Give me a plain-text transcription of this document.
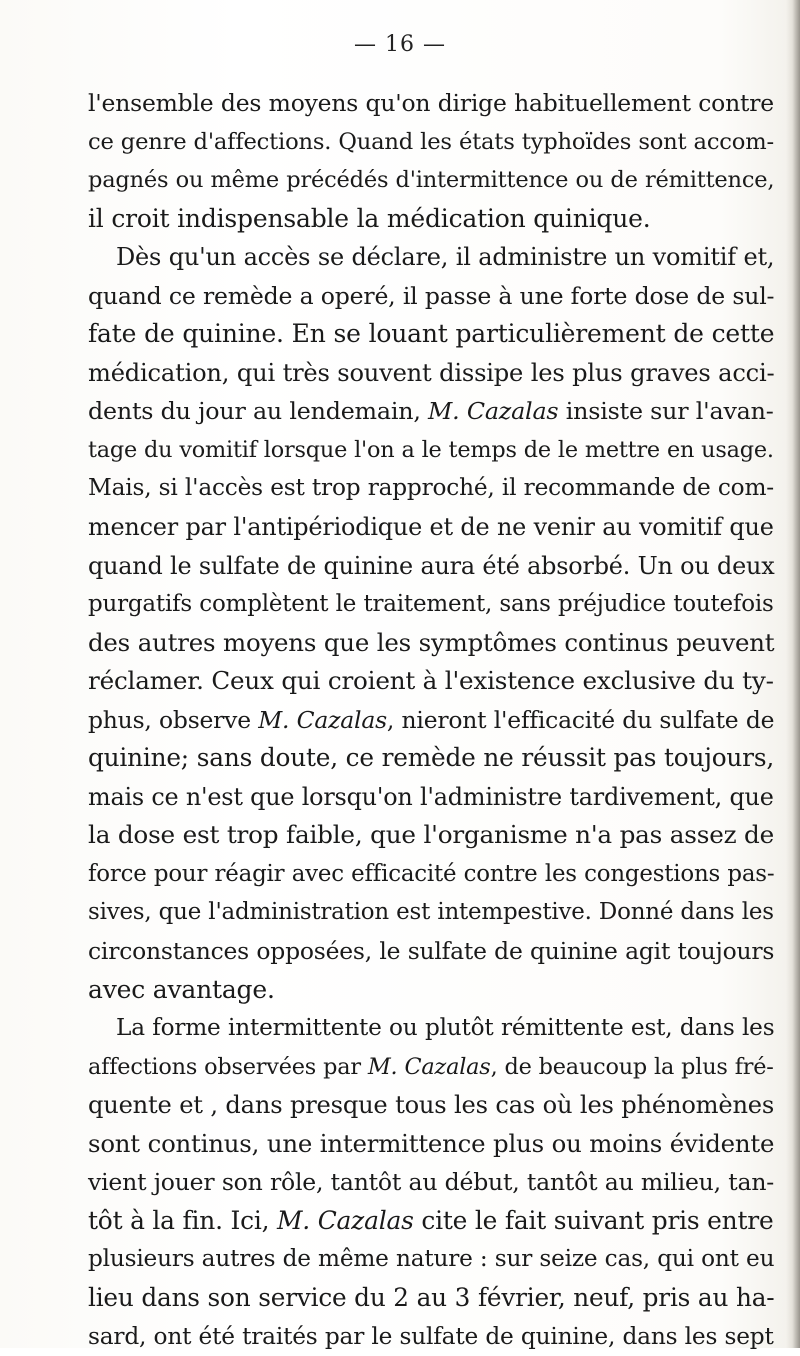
— 16 —
l'ensemble des moyens qu'on dirige habituellement contre
ce genre d'affections. Quand les états typhoïdes sont accom-
pagnés ou même précédés d'intermittence ou de rémittence,
il croit indispensable la médication quinique.
Dès qu'un accès se déclare, il administre un vomitif et,
quand ce remède a operé, il passe à une forte dose de sul-
fate de quinine. En se louant particulièrement de cette
médication, qui très souvent dissipe les plus graves acci-
dents du jour au lendemain, M. Cazalas insiste sur l'avan-
tage du vomitif lorsque l'on a le temps de le mettre en usage.
Mais, si l'accès est trop rapproché, il recommande de com-
mencer par l'antipériodique et de ne venir au vomitif que
quand le sulfate de quinine aura été absorbé. Un ou deux
purgatifs complètent le traitement, sans préjudice toutefois
des autres moyens que les symptômes continus peuvent
réclamer. Ceux qui croient à l'existence exclusive du ty-
phus, observe M. Cazalas, nieront l'efficacité du sulfate de
quinine; sans doute, ce remède ne réussit pas toujours,
mais ce n'est que lorsqu'on l'administre tardivement, que
la dose est trop faible, que l'organisme n'a pas assez de
force pour réagir avec efficacité contre les congestions pas-
sives, que l'administration est intempestive. Donné dans les
circonstances opposées, le sulfate de quinine agit toujours
avec avantage.
La forme intermittente ou plutôt rémittente est, dans les
affections observées par M. Cazalas, de beaucoup la plus fré-
quente et , dans presque tous les cas où les phénomènes
sont continus, une intermittence plus ou moins évidente
vient jouer son rôle, tantôt au début, tantôt au milieu, tan-
tôt à la fin. Ici, M. Cazalas cite le fait suivant pris entre
plusieurs autres de même nature : sur seize cas, qui ont eu
lieu dans son service du 2 au 3 février, neuf, pris au ha-
sard, ont été traités par le sulfate de quinine, dans les sept
